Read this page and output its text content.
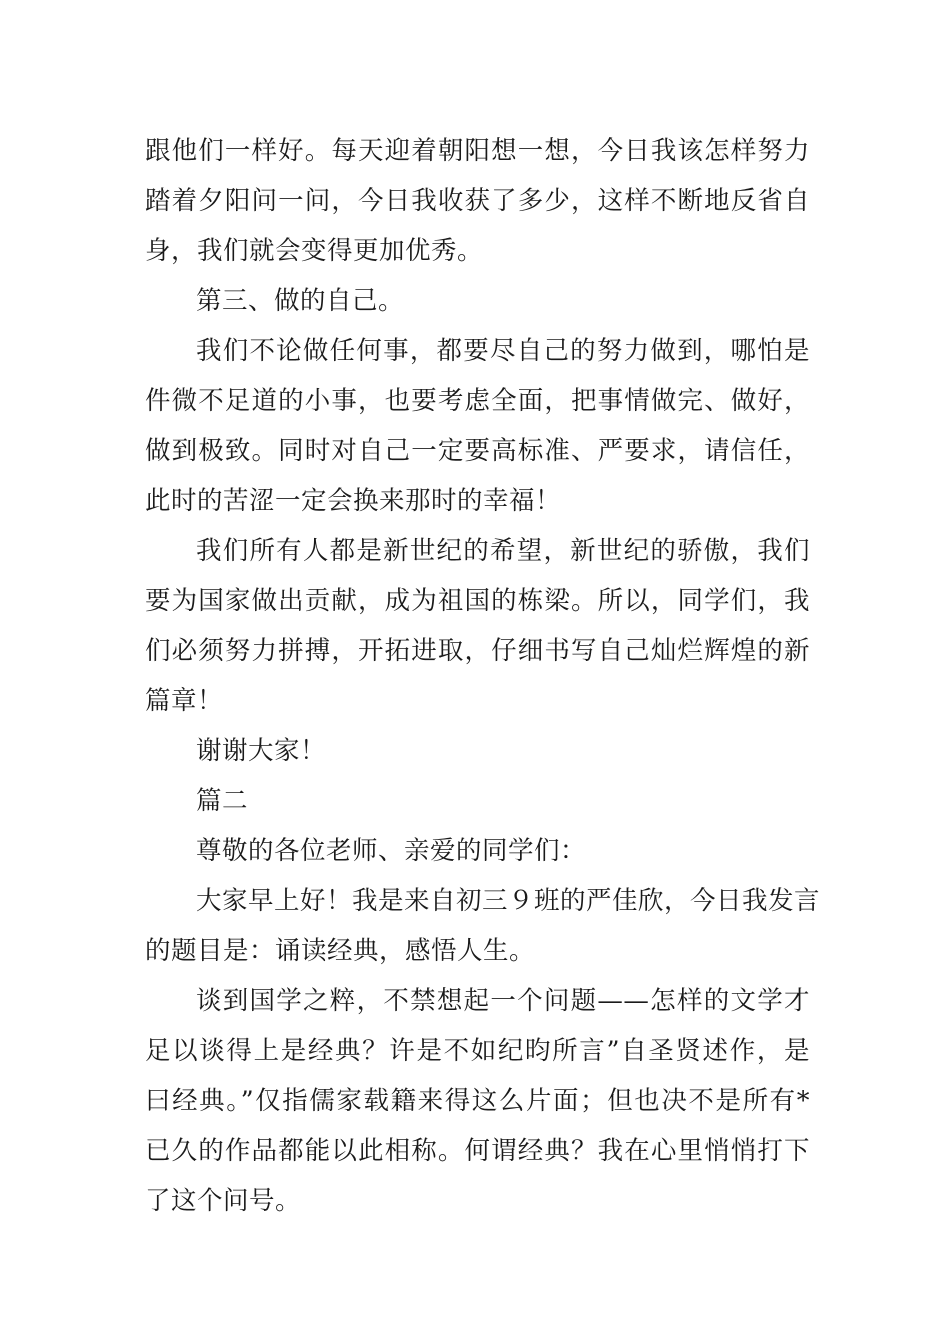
跟他们一样好。每天迎着朝阳想一想，今日我该怎样努力
踏着夕阳问一问，今日我收获了多少，这样不断地反省自
身，我们就会变得更加优秀。
第三、做的自己。
我们不论做任何事，都要尽自己的努力做到，哪怕是
件微不足道的小事，也要考虑全面，把事情做完、做好，
做到极致。同时对自己一定要高标准、严要求，请信任，
此时的苦涩一定会换来那时的幸福！
我们所有人都是新世纪的希望，新世纪的骄傲，我们
要为国家做出贡献，成为祖国的栋梁。所以，同学们，我
们必须努力拼搏，开拓进取，仔细书写自己灿烂辉煌的新
篇章！
谢谢大家！
篇二
尊敬的各位老师、亲爱的同学们：
大家早上好！我是来自初三９班的严佳欣，今日我发言
的题目是：诵读经典，感悟人生。
谈到国学之粹，不禁想起一个问题——怎样的文学才
足以谈得上是经典？许是不如纪昀所言”自圣贤述作，是
曰经典。”仅指儒家载籍来得这么片面；但也决不是所有*
已久的作品都能以此相称。何谓经典？我在心里悄悄打下
了这个问号。
